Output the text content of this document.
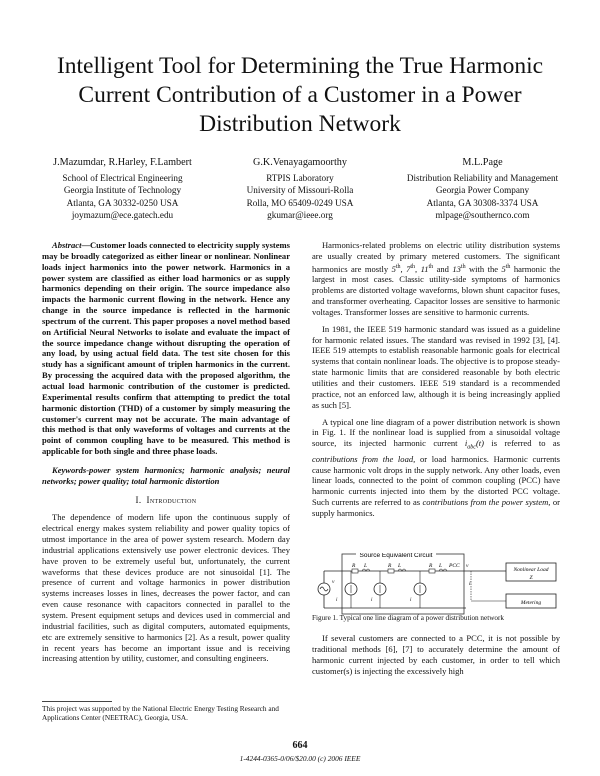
Intelligent Tool for Determining the True Harmonic Current Contribution of a Customer in a Power Distribution Network
J.Mazumdar, R.Harley, F.Lambert
School of Electrical Engineering
Georgia Institute of Technology
Atlanta, GA 30332-0250 USA
joymazum@ece.gatech.edu
G.K.Venayagamoorthy
RTPIS Laboratory
University of Missouri-Rolla
Rolla, MO 65409-0249 USA
gkumar@ieee.org
M.L.Page
Distribution Reliability and Management
Georgia Power Company
Atlanta, GA 30308-3374 USA
mlpage@southernco.com

Abstract—Customer loads connected to electricity supply systems may be broadly categorized as either linear or nonlinear. Nonlinear loads inject harmonics into the power network. Harmonics in a power system are classified as either load harmonics or as supply harmonics depending on their origin. The source impedance also impacts the harmonic current flowing in the network. Hence any change in the source impedance is reflected in the harmonic spectrum of the current. This paper proposes a novel method based on Artificial Neural Networks to isolate and evaluate the impact of the source impedance change without disrupting the operation of any load, by using actual field data. The test site chosen for this study has a significant amount of triplen harmonics in the current. By processing the acquired data with the proposed algorithm, the actual load harmonic contribution of the customer is predicted. Experimental results confirm that attempting to predict the total harmonic distortion (THD) of a customer by simply measuring the customer's current may not be accurate. The main advantage of this method is that only waveforms of voltages and currents at the point of common coupling have to be measured. This method is applicable for both single and three phase loads.

Keywords-power system harmonics; harmonic analysis; neural networks; power quality; total harmonic distortion

I. Introduction

The dependence of modern life upon the continuous supply of electrical energy makes system reliability and power quality topics of utmost importance in the area of power system research. Modern day industrial applications extensively use power electronic devices. They have proven to be extremely useful but, unfortunately, the current waveforms that these devices produce are not sinusoidal [1]. The presence of current and voltage harmonics in power distribution systems increases losses in lines, decreases the power factor, and can even cause resonance with capacitors connected in parallel to the system. Present equipment setups and devices used in commercial and industrial facilities, such as digital computers, automated equipments, etc are extremely sensitive to harmonics [2]. As a result, power quality in recent years has become an important issue and is receiving increasing attention by utility, customer, and consulting engineers.

Harmonics-related problems on electric utility distribution systems are usually created by primary metered customers. The significant harmonics are mostly 5th, 7th, 11th and 13th with the 5th harmonic the largest in most cases. Classic utility-side symptoms of harmonics problems are distorted voltage waveforms, blown shunt capacitor fuses, and transformer overheating. Capacitor losses are sensitive to harmonic voltages. Transformer losses are sensitive to harmonic currents.

In 1981, the IEEE 519 harmonic standard was issued as a guideline for harmonic related issues. The standard was revised in 1992 [3], [4]. IEEE 519 attempts to establish reasonable harmonic goals for electrical systems that contain nonlinear loads. The objective is to propose steady-state harmonic limits that are considered reasonable by both electric utilities and their customers. IEEE 519 standard is a recommended practice, not an enforced law, although it is being increasingly applied as such [5].

A typical one line diagram of a power distribution network is shown in Fig. 1. If the nonlinear load is supplied from a sinusoidal voltage source, its injected harmonic current $i_{abc}(t)$ is referred to as contributions from the load, or load harmonics. Harmonic currents cause harmonic volt drops in the supply network. Any other loads, even linear loads, connected to the point of common coupling (PCC) have harmonic currents injected into them by the distorted PCC voltage. Such currents are referred to as contributions from the power system, or supply harmonics.

Source Equivalent Circuit
v
R L	R L	R L PCC
i	i	i
v
i
Nonlinear Load
Z
Metering
Figure 1. Typical one line diagram of a power distribution network

If several customers are connected to a PCC, it is not possible by traditional methods [6], [7] to accurately determine the amount of harmonic current injected by each customer, in order to tell which customer(s) is injecting the excessively high

This project was supported by the National Electric Energy Testing Research and Applications Center (NEETRAC), Georgia, USA.
664
1-4244-0365-0/06/$20.00 (c) 2006 IEEE
